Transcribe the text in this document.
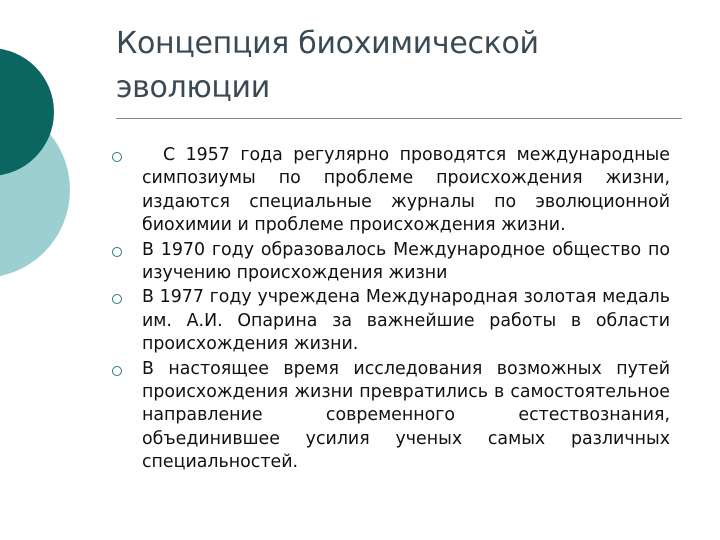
Концепция биохимической
эволюции
С 1957 года регулярно проводятся международные симпозиумы по проблеме происхождения жизни, издаются специальные журналы по эволюционной биохимии и проблеме происхождения жизни.
В 1970 году образовалось Международное общество по изучению происхождения жизни
В 1977 году учреждена Международная золотая медаль им. А.И. Опарина за важнейшие работы в области происхождения жизни.
В настоящее время исследования возможных путей происхождения жизни превратились в самостоятельное направление современного естествознания, объединившее усилия ученых самых различных специальностей.
